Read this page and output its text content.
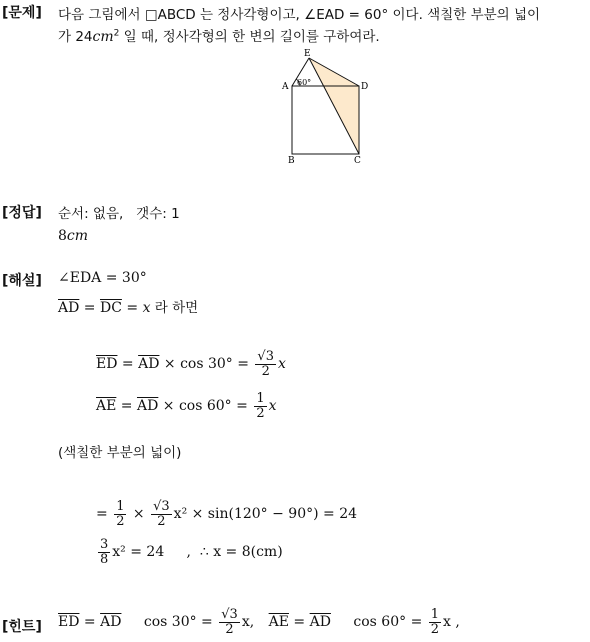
[문제] 다음 그림에서 □ABCD 는 정사각형이고, ∠EAD = 60° 이다. 색칠한 부분의 넓이
가 $24cm^2$ 일 때, 정사각형의 한 변의 길이를 구하여라.
E
A	D
B	C
60°
[정답] 순서: 없음,   갯수: 1
8cm
[해설] ∠EDA = 30°
$\overline{AD} = \overline{DC} = x$ 라 하면
$\overline{ED} = \overline{AD} \times \cos 30^\circ = \frac{√3}{2}$ x
$\overline{AE} = \overline{AD} \times \cos 60^\circ = \frac{1}{2}$ x
(색칠한 부분의 넓이)
= $\frac{1}{2} \times \frac{√3}{2} x^2 \times \sin(120^\circ - 90^\circ) = 24$
$\frac{3}{8} x^2 = 24$     ,  ∴ x = 8(cm)
[힌트] $\overline{ED} = \overline{AD}$ $\cos 30^\circ = \frac{√3}{2} x$, $\overline{AE} = \overline{AD}$ $\cos 60^\circ = \frac{1}{2}$ x ,
